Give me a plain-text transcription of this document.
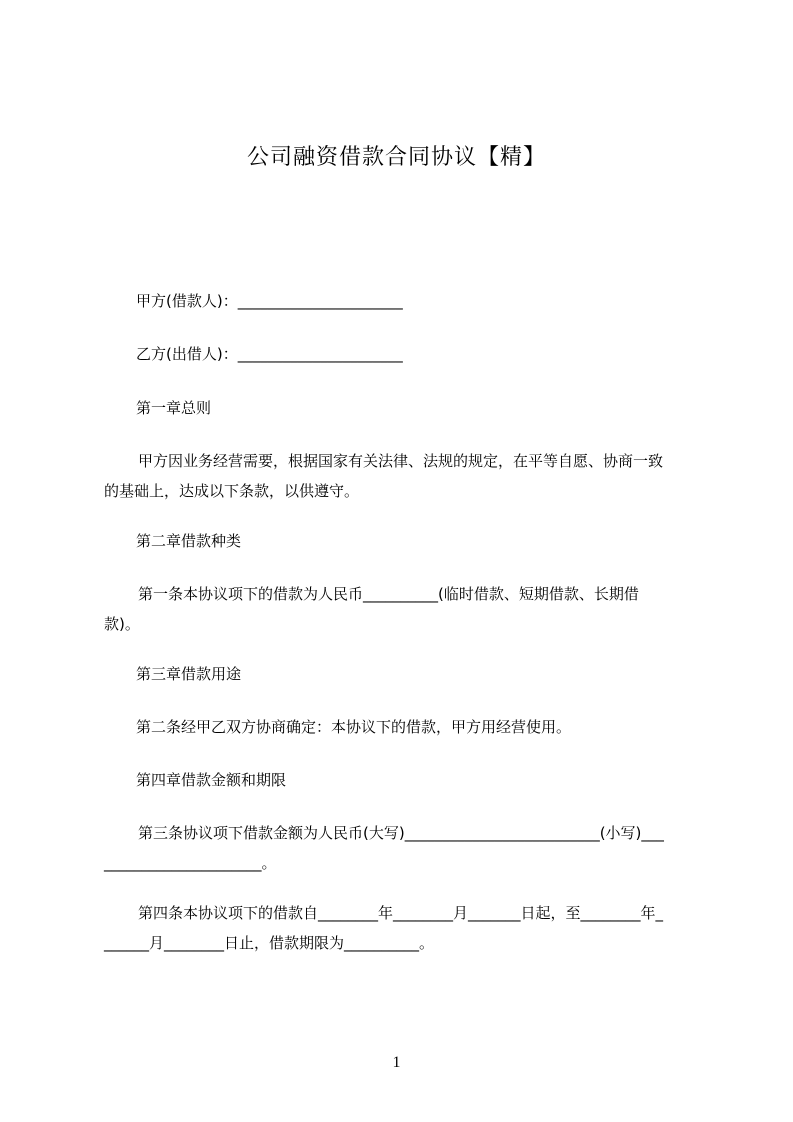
公司融资借款合同协议【精】

甲方(借款人)：______________________

乙方(出借人)：______________________

第一章总则

甲方因业务经营需要，根据国家有关法律、法规的规定，在平等自愿、协商一致
的基础上，达成以下条款，以供遵守。

第二章借款种类

第一条本协议项下的借款为人民币__________(临时借款、短期借款、长期借
款)。

第三章借款用途

第二条经甲乙双方协商确定：本协议下的借款，甲方用经营使用。

第四章借款金额和期限

第三条协议项下借款金额为人民币(大写)__________________________(小写)___
_____________________。
第四条本协议项下的借款自________年________月_______日起，至________年_
______月________日止，借款期限为__________。
1
